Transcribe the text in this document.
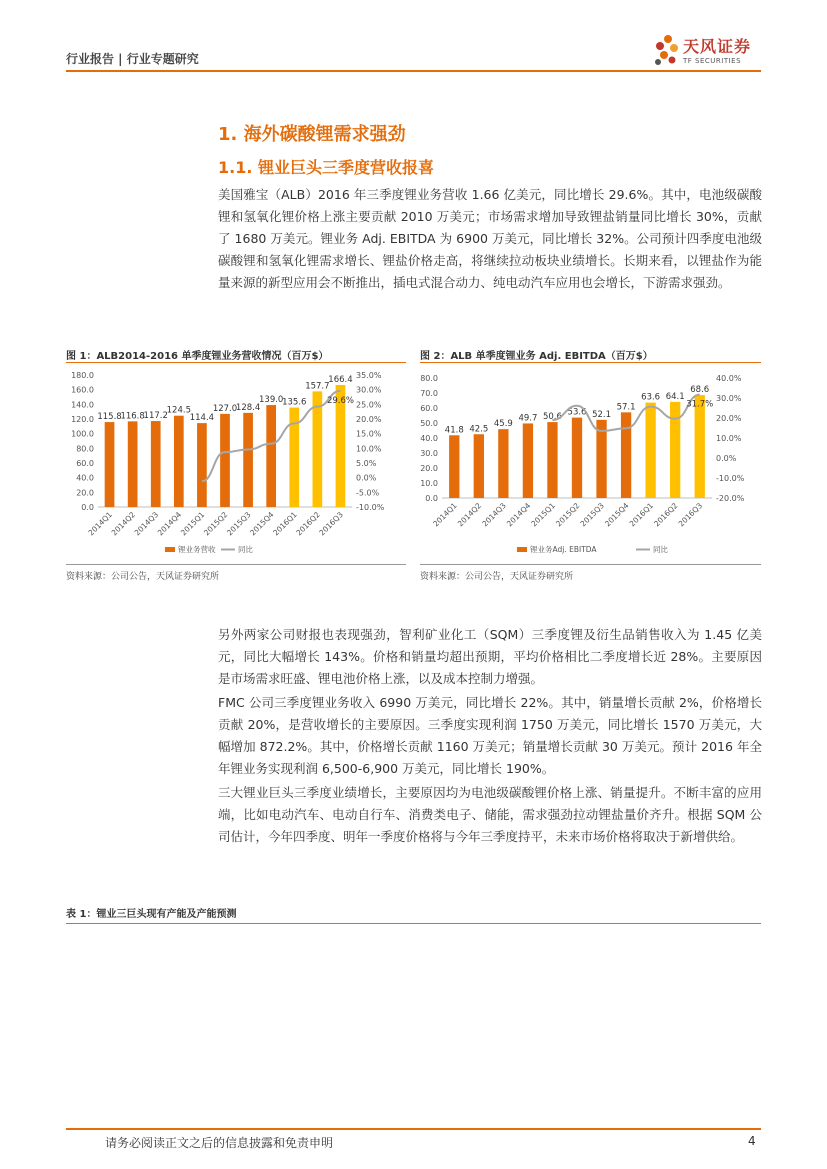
行业报告 | 行业专题研究
天风证券
TF SECURITIES
1. 海外碳酸锂需求强劲
1.1. 锂业巨头三季度营收报喜
美国雅宝（ALB）2016 年三季度锂业务营收 1.66 亿美元，同比增长 29.6%。其中，电池级碳酸锂和氢氧化锂价格上涨主要贡献 2010 万美元；市场需求增加导致锂盐销量同比增长 30%，贡献了 1680 万美元。锂业务 Adj. EBITDA 为 6900 万美元，同比增长 32%。公司预计四季度电池级碳酸锂和氢氧化锂需求增长、锂盐价格走高，将继续拉动板块业绩增长。长期来看，以锂盐作为能量来源的新型应用会不断推出，插电式混合动力、纯电动汽车应用也会增长，下游需求强劲。
图 1：ALB2014-2016 单季度锂业务营收情况（百万$）
0.0
20.0
40.0
60.0
80.0
100.0
120.0
140.0
160.0
180.0
-10.0%
-5.0%
0.0%
5.0%
10.0%
15.0%
20.0%
25.0%
30.0%
35.0%
115.8
2014Q1
116.8
2014Q2
117.2
2014Q3
124.5
2014Q4
114.4
2015Q1
127.0
2015Q2
128.4
2015Q3
139.0
2015Q4
135.6
2016Q1
157.7
2016Q2
166.4
2016Q3
29.6%
锂业务营收	同比
资料来源：公司公告，天风证券研究所
图 2：ALB 单季度锂业务 Adj. EBITDA（百万$）
0.0
10.0
20.0
30.0
40.0
50.0
60.0
70.0
80.0
-20.0%
-10.0%
0.0%
10.0%
20.0%
30.0%
40.0%
41.8
2014Q1
42.5
2014Q2
45.9
2014Q3
49.7
2014Q4
50.6
2015Q1
53.6
2015Q2
52.1
2015Q3
57.1
2015Q4
63.6
2016Q1
64.1
2016Q2
68.6
2016Q3
31.7%
锂业务Adj. EBITDA	同比
资料来源：公司公告，天风证券研究所
另外两家公司财报也表现强劲，智利矿业化工（SQM）三季度锂及衍生品销售收入为 1.45 亿美元，同比大幅增长 143%。价格和销量均超出预期，平均价格相比二季度增长近 28%。主要原因是市场需求旺盛、锂电池价格上涨，以及成本控制力增强。
FMC 公司三季度锂业务收入 6990 万美元，同比增长 22%。其中，销量增长贡献 2%，价格增长贡献 20%，是营收增长的主要原因。三季度实现利润 1750 万美元，同比增长 1570 万美元，大幅增加 872.2%。其中，价格增长贡献 1160 万美元；销量增长贡献 30 万美元。预计 2016 年全年锂业务实现利润 6,500-6,900 万美元，同比增长 190%。
三大锂业巨头三季度业绩增长，主要原因均为电池级碳酸锂价格上涨、销量提升。不断丰富的应用端，比如电动汽车、电动自行车、消费类电子、储能，需求强劲拉动锂盐量价齐升。根据 SQM 公司估计，今年四季度、明年一季度价格将与今年三季度持平，未来市场价格将取决于新增供给。
表 1：锂业三巨头现有产能及产能预测
请务必阅读正文之后的信息披露和免责申明	4
